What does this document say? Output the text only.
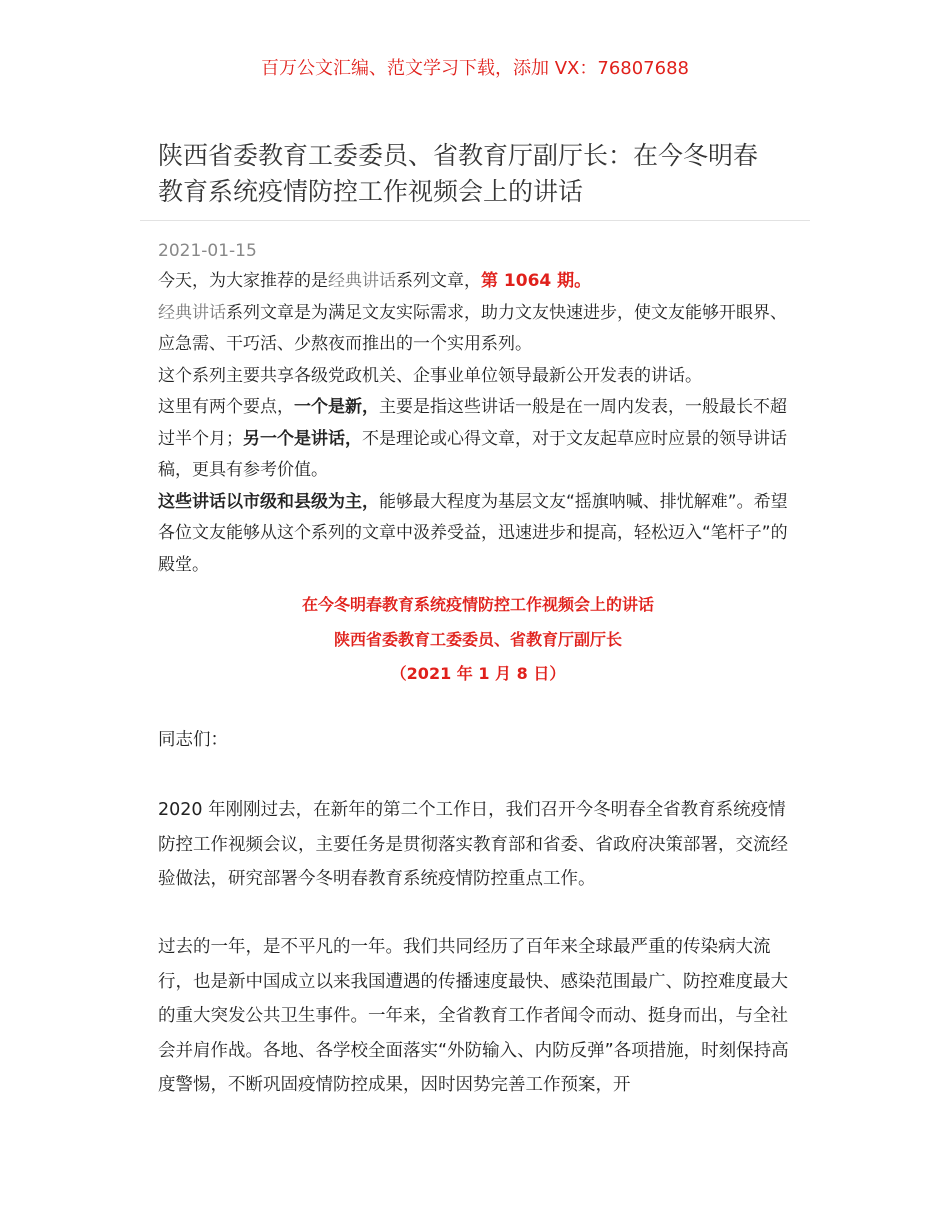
百万公文汇编、范文学习下载，添加 VX：76807688
陕西省委教育工委委员、省教育厅副厅长：在今冬明春
教育系统疫情防控工作视频会上的讲话
2021-01-15

今天，为大家推荐的是经典讲话系列文章，第 1064 期。

经典讲话系列文章是为满足文友实际需求，助力文友快速进步，使文友能够开眼界、应急需、干巧活、少熬夜而推出的一个实用系列。

这个系列主要共享各级党政机关、企事业单位领导最新公开发表的讲话。

这里有两个要点，一个是新，主要是指这些讲话一般是在一周内发表，一般最长不超过半个月；另一个是讲话，不是理论或心得文章，对于文友起草应时应景的领导讲话稿，更具有参考价值。

这些讲话以市级和县级为主，能够最大程度为基层文友“摇旗呐喊、排忧解难”。希望各位文友能够从这个系列的文章中汲养受益，迅速进步和提高，轻松迈入“笔杆子”的殿堂。

在今冬明春教育系统疫情防控工作视频会上的讲话
陕西省委教育工委委员、省教育厅副厅长
（2021 年 1 月 8 日）

同志们：

2020 年刚刚过去，在新年的第二个工作日，我们召开今冬明春全省教育系统疫情防控工作视频会议，主要任务是贯彻落实教育部和省委、省政府决策部署，交流经验做法，研究部署今冬明春教育系统疫情防控重点工作。

过去的一年，是不平凡的一年。我们共同经历了百年来全球最严重的传染病大流行，也是新中国成立以来我国遭遇的传播速度最快、感染范围最广、防控难度最大的重大突发公共卫生事件。一年来，全省教育工作者闻令而动、挺身而出，与全社会并肩作战。各地、各学校全面落实“外防输入、内防反弹”各项措施，时刻保持高度警惕，不断巩固疫情防控成果，因时因势完善工作预案，开
